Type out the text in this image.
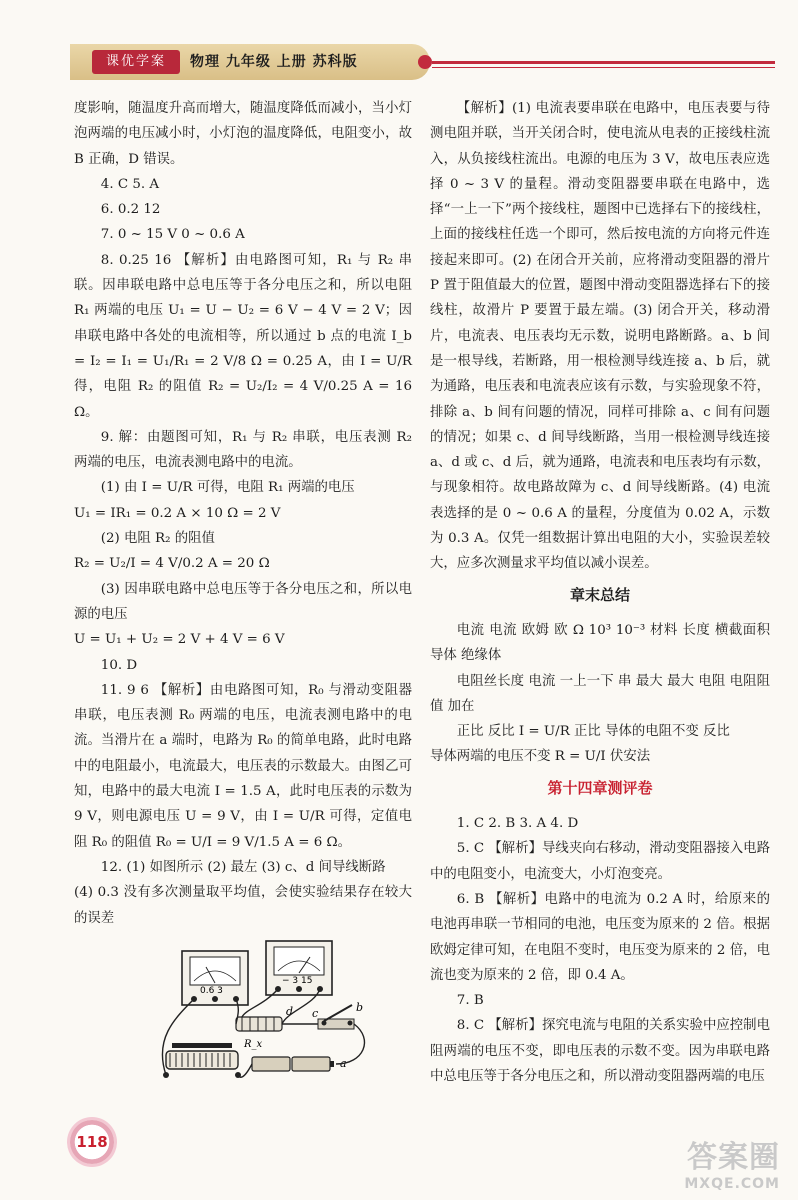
课优学案	物理 九年级 上册 苏科版

度影响，随温度升高而增大，随温度降低而减小，当小灯泡两端的电压减小时，小灯泡的温度降低，电阻变小，故 B 正确，D 错误。

4. C 5. A

6. 0.2 12

7. 0 ~ 15 V 0 ~ 0.6 A

8. 0.25 16 【解析】由电路图可知，R₁ 与 R₂ 串联。因串联电路中总电压等于各分电压之和，所以电阻 R₁ 两端的电压 U₁ = U − U₂ = 6 V − 4 V = 2 V；因串联电路中各处的电流相等，所以通过 b 点的电流 I_b = I₂ = I₁ = U₁/R₁ = 2 V/8 Ω = 0.25 A，由 I = U/R 得，电阻 R₂ 的阻值 R₂ = U₂/I₂ = 4 V/0.25 A = 16 Ω。

9. 解：由题图可知，R₁ 与 R₂ 串联，电压表测 R₂ 两端的电压，电流表测电路中的电流。

(1) 由 I = U/R 可得，电阻 R₁ 两端的电压

U₁ = IR₁ = 0.2 A × 10 Ω = 2 V

(2) 电阻 R₂ 的阻值

R₂ = U₂/I = 4 V/0.2 A = 20 Ω

(3) 因串联电路中总电压等于各分电压之和，所以电源的电压

U = U₁ + U₂ = 2 V + 4 V = 6 V

10. D

11. 9 6 【解析】由电路图可知，R₀ 与滑动变阻器串联，电压表测 R₀ 两端的电压，电流表测电路中的电流。当滑片在 a 端时，电路为 R₀ 的简单电路，此时电路中的电阻最小，电流最大，电压表的示数最大。由图乙可知，电路中的最大电流 I = 1.5 A，此时电压表的示数为 9 V，则电源电压 U = 9 V，由 I = U/R 可得，定值电阻 R₀ 的阻值 R₀ = U/I = 9 V/1.5 A = 6 Ω。

12. (1) 如图所示 (2) 最左 (3) c、d 间导线断路

(4) 0.3 没有多次测量取平均值，会使实验结果存在较大的误差

0.6 3
− 3 15
R_x
d c	b
a

【解析】(1) 电流表要串联在电路中，电压表要与待测电阻并联，当开关闭合时，使电流从电表的正接线柱流入，从负接线柱流出。电源的电压为 3 V，故电压表应选择 0 ~ 3 V 的量程。滑动变阻器要串联在电路中，选择“一上一下”两个接线柱，题图中已选择右下的接线柱，上面的接线柱任选一个即可，然后按电流的方向将元件连接起来即可。(2) 在闭合开关前，应将滑动变阻器的滑片 P 置于阻值最大的位置，题图中滑动变阻器选择右下的接线柱，故滑片 P 要置于最左端。(3) 闭合开关，移动滑片，电流表、电压表均无示数，说明电路断路。a、b 间是一根导线，若断路，用一根检测导线连接 a、b 后，就为通路，电压表和电流表应该有示数，与实验现象不符，排除 a、b 间有问题的情况，同样可排除 a、c 间有问题的情况；如果 c、d 间导线断路，当用一根检测导线连接 a、d 或 c、d 后，就为通路，电流表和电压表均有示数，与现象相符。故电路故障为 c、d 间导线断路。(4) 电流表选择的是 0 ~ 0.6 A 的量程，分度值为 0.02 A，示数为 0.3 A。仅凭一组数据计算出电阻的大小，实验误差较大，应多次测量求平均值以减小误差。

章末总结

电流 电流 欧姆 欧 Ω 10³ 10⁻³ 材料 长度 横截面积 导体 绝缘体

电阻丝长度 电流 一上一下 串 最大 最大 电阻 电阻阻值 加在

正比 反比 I = U/R 正比 导体的电阻不变 反比

导体两端的电压不变 R = U/I 伏安法

第十四章测评卷

1. C 2. B 3. A 4. D

5. C 【解析】导线夹向右移动，滑动变阻器接入电路中的电阻变小，电流变大，小灯泡变亮。

6. B 【解析】电路中的电流为 0.2 A 时，给原来的电池再串联一节相同的电池，电压变为原来的 2 倍。根据欧姆定律可知，在电阻不变时，电压变为原来的 2 倍，电流也变为原来的 2 倍，即 0.4 A。

7. B

8. C 【解析】探究电流与电阻的关系实验中应控制电阻两端的电压不变，即电压表的示数不变。因为串联电路中总电压等于各分电压之和，所以滑动变阻器两端的电压

118	答案圈
MXQE.COM
